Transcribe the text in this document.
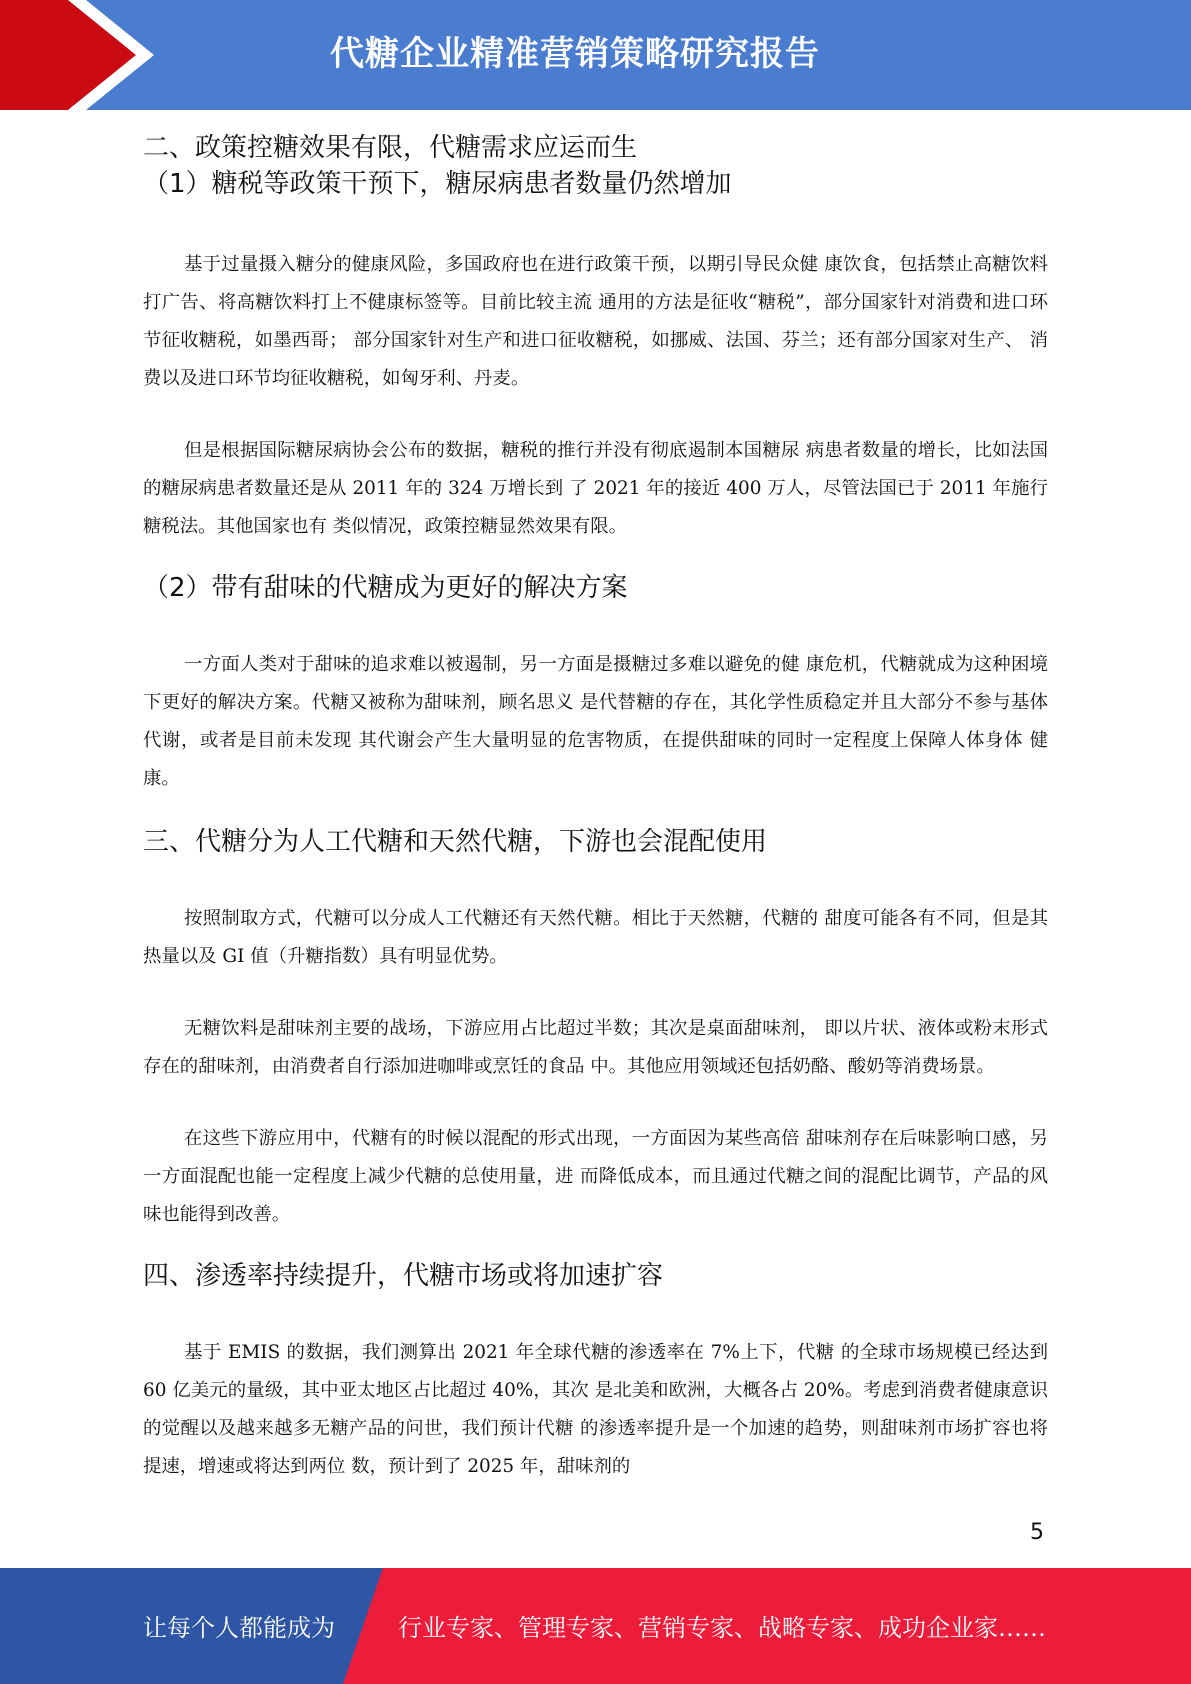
代糖企业精准营销策略研究报告
二、政策控糖效果有限，代糖需求应运而生
（1）糖税等政策干预下，糖尿病患者数量仍然增加

基于过量摄入糖分的健康风险，多国政府也在进行政策干预，以期引导民众健 康饮食，包括禁止高糖饮料打广告、将高糖饮料打上不健康标签等。目前比较主流 通用的方法是征收“糖税”，部分国家针对消费和进口环节征收糖税，如墨西哥； 部分国家针对生产和进口征收糖税，如挪威、法国、芬兰；还有部分国家对生产、 消费以及进口环节均征收糖税，如匈牙利、丹麦。

但是根据国际糖尿病协会公布的数据，糖税的推行并没有彻底遏制本国糖尿 病患者数量的增长，比如法国的糖尿病患者数量还是从 2011 年的 324 万增长到 了 2021 年的接近 400 万人，尽管法国已于 2011 年施行糖税法。其他国家也有 类似情况，政策控糖显然效果有限。

（2）带有甜味的代糖成为更好的解决方案

一方面人类对于甜味的追求难以被遏制，另一方面是摄糖过多难以避免的健 康危机，代糖就成为这种困境下更好的解决方案。代糖又被称为甜味剂，顾名思义 是代替糖的存在，其化学性质稳定并且大部分不参与基体代谢，或者是目前未发现 其代谢会产生大量明显的危害物质，在提供甜味的同时一定程度上保障人体身体 健康。

三、代糖分为人工代糖和天然代糖，下游也会混配使用

按照制取方式，代糖可以分成人工代糖还有天然代糖。相比于天然糖，代糖的 甜度可能各有不同，但是其热量以及 GI 值（升糖指数）具有明显优势。

无糖饮料是甜味剂主要的战场，下游应用占比超过半数；其次是桌面甜味剂， 即以片状、液体或粉末形式存在的甜味剂，由消费者自行添加进咖啡或烹饪的食品 中。其他应用领域还包括奶酪、酸奶等消费场景。

在这些下游应用中，代糖有的时候以混配的形式出现，一方面因为某些高倍 甜味剂存在后味影响口感，另一方面混配也能一定程度上减少代糖的总使用量，进 而降低成本，而且通过代糖之间的混配比调节，产品的风味也能得到改善。

四、渗透率持续提升，代糖市场或将加速扩容

基于 EMIS 的数据，我们测算出 2021 年全球代糖的渗透率在 7%上下，代糖 的全球市场规模已经达到 60 亿美元的量级，其中亚太地区占比超过 40%，其次 是北美和欧洲，大概各占 20%。考虑到消费者健康意识的觉醒以及越来越多无糖产品的问世，我们预计代糖 的渗透率提升是一个加速的趋势，则甜味剂市场扩容也将提速，增速或将达到两位 数，预计到了 2025 年，甜味剂的

5
让每个人都能成为	行业专家、管理专家、营销专家、战略专家、成功企业家……
